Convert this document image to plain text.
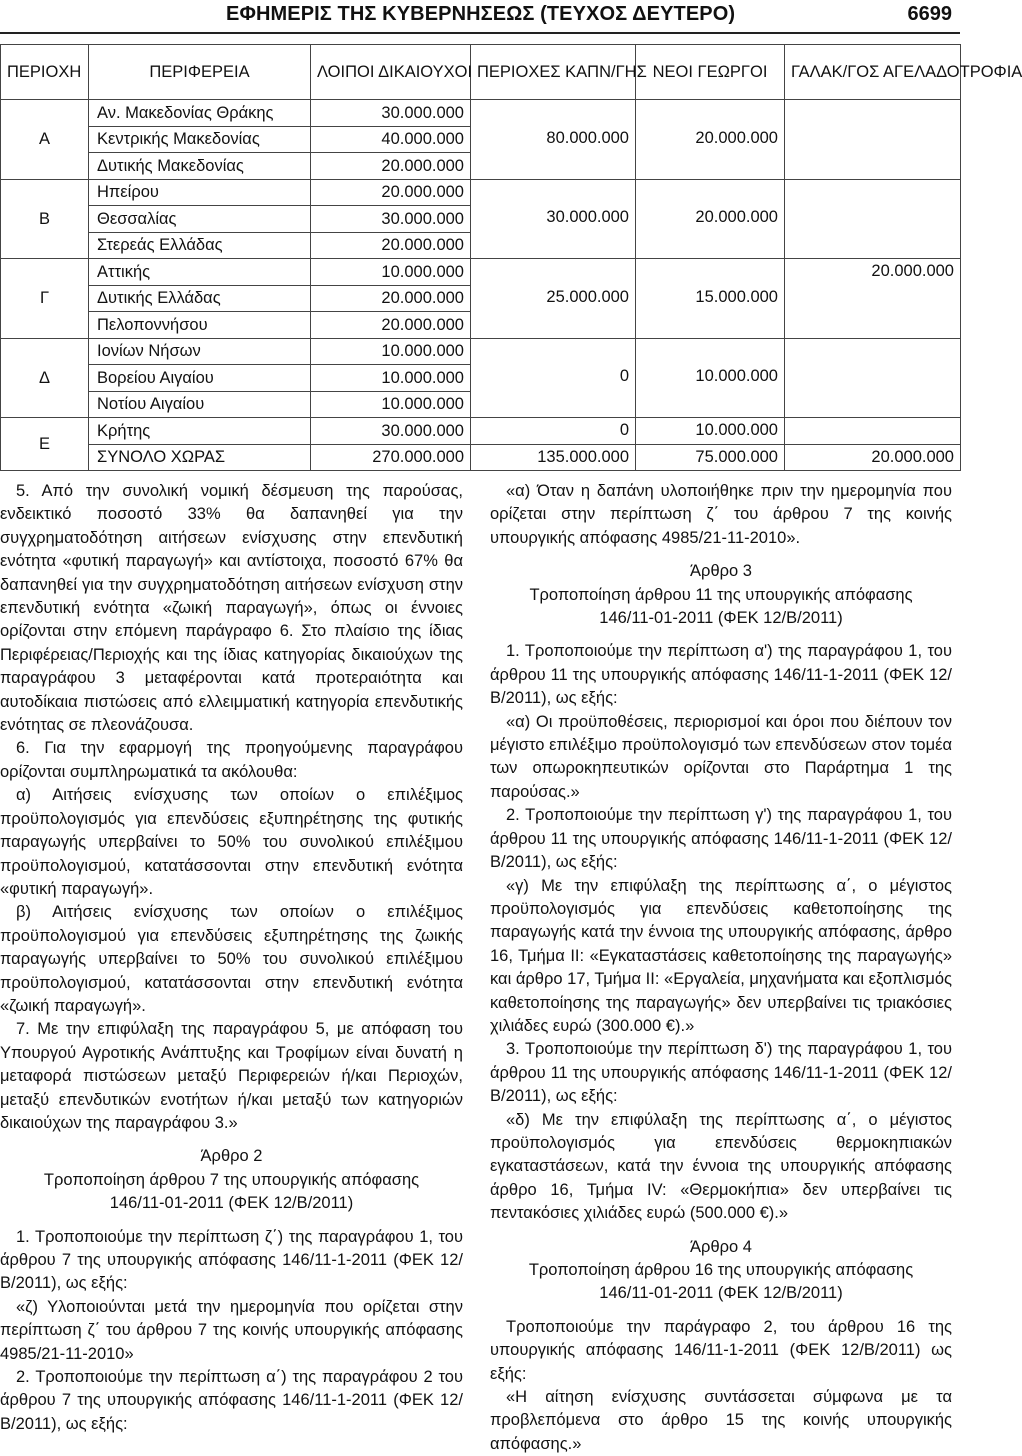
ΕΦΗΜΕΡΙΣ ΤΗΣ ΚΥΒΕΡΝΗΣΕΩΣ (ΤΕΥΧΟΣ ΔΕΥΤΕΡΟ)	6699
ΠΕΡΙΟΧΗ	ΠΕΡΙΦΕΡΕΙΑ	ΛΟΙΠΟΙ ΔΙΚΑΙΟΥΧΟΙ	ΠΕΡΙΟΧΕΣ ΚΑΠΝ/ΓΗΣ	ΝΕΟΙ ΓΕΩΡΓΟΙ	ΓΑΛΑΚ/ΓΟΣ ΑΓΕΛΑΔΟΤΡΟΦΙΑ
Α	Αν. Μακεδονίας Θράκης	30.000.000	80.000.000	20.000.000	

	Κεντρικής Μακεδονίας	40.000.000			
	Δυτικής Μακεδονίας	20.000.000			
Β	Ηπείρου	20.000.000	30.000.000	20.000.000	

	Θεσσαλίας	30.000.000			
	Στερεάς Ελλάδας	20.000.000			
Γ	Αττικής	10.000.000	25.000.000	15.000.000	20.000.000

	Δυτικής Ελλάδας	20.000.000			
	Πελοποννήσου	20.000.000			
Δ	Ιονίων Νήσων	10.000.000	0	10.000.000	

	Βορείου Αιγαίου	10.000.000			
	Νοτίου Αιγαίου	10.000.000			
Ε	Κρήτης	30.000.000	0	10.000.000	

	ΣΥΝΟΛΟ ΧΩΡΑΣ	270.000.000	135.000.000	75.000.000	20.000.000

5. Από την συνολική νομική δέσμευση της παρούσας, ενδεικτικό ποσοστό 33% θα δαπανηθεί για την συγχρηματοδότηση αιτήσεων ενίσχυσης στην επενδυτική ενότητα «φυτική παραγωγή» και αντίστοιχα, ποσοστό 67% θα δαπανηθεί για την συγχρηματοδότηση αιτήσεων ενίσχυση στην επενδυτική ενότητα «ζωική παραγωγή», όπως οι έννοιες ορίζονται στην επόμενη παράγραφο 6. Στο πλαίσιο της ίδιας Περιφέρειας/Περιοχής και της ίδιας κατηγορίας δικαιούχων της παραγράφου 3 μεταφέρονται κατά προτεραιότητα και αυτοδίκαια πιστώσεις από ελλειμματική κατηγορία επενδυτικής ενότητας σε πλεονάζουσα.

6. Για την εφαρμογή της προηγούμενης παραγράφου ορίζονται συμπληρωματικά τα ακόλουθα:

α) Αιτήσεις ενίσχυσης των οποίων ο επιλέξιμος προϋπολογισμός για επενδύσεις εξυπηρέτησης της φυτικής παραγωγής υπερβαίνει το 50% του συνολικού επιλέξιμου προϋπολογισμού, κατατάσσονται στην επενδυτική ενότητα «φυτική παραγωγή».

β) Αιτήσεις ενίσχυσης των οποίων ο επιλέξιμος προϋπολογισμού για επενδύσεις εξυπηρέτησης της ζωικής παραγωγής υπερβαίνει το 50% του συνολικού επιλέξιμου προϋπολογισμού, κατατάσσονται στην επενδυτική ενότητα «ζωική παραγωγή».

7. Με την επιφύλαξη της παραγράφου 5, με απόφαση του Υπουργού Αγροτικής Ανάπτυξης και Τροφίμων είναι δυνατή η μεταφορά πιστώσεων μεταξύ Περιφερειών ή/και Περιοχών, μεταξύ επενδυτικών ενοτήτων ή/και μεταξύ των κατηγοριών δικαιούχων της παραγράφου 3.»

Άρθρο 2

Τροποποίηση άρθρου 7 της υπουργικής απόφασης

146/11-01-2011 (ΦΕΚ 12/Β/2011)

1. Τροποποιούμε την περίπτωση ζ΄) της παραγράφου 1, του άρθρου 7 της υπουργικής απόφασης 146/11-1-2011 (ΦΕΚ 12/Β/2011), ως εξής:

«ζ) Υλοποιούνται μετά την ημερομηνία που ορίζεται στην περίπτωση ζ΄ του άρθρου 7 της κοινής υπουργικής απόφασης 4985/21-11-2010»

2. Τροποποιούμε την περίπτωση α΄) της παραγράφου 2 του άρθρου 7 της υπουργικής απόφασης 146/11-1-2011 (ΦΕΚ 12/Β/2011), ως εξής:

«α) Όταν η δαπάνη υλοποιήθηκε πριν την ημερομηνία που ορίζεται στην περίπτωση ζ΄ του άρθρου 7 της κοινής υπουργικής απόφασης 4985/21-11-2010».

Άρθρο 3

Τροποποίηση άρθρου 11 της υπουργικής απόφασης

146/11-01-2011 (ΦΕΚ 12/Β/2011)

1. Τροποποιούμε την περίπτωση α') της παραγράφου 1, του άρθρου 11 της υπουργικής απόφασης 146/11-1-2011 (ΦΕΚ 12/Β/2011), ως εξής:

«α) Οι προϋποθέσεις, περιορισμοί και όροι που διέπουν τον μέγιστο επιλέξιμο προϋπολογισμό των επενδύσεων στον τομέα των οπωροκηπευτικών ορίζονται στο Παράρτημα 1 της παρούσας.»

2. Τροποποιούμε την περίπτωση γ') της παραγράφου 1, του άρθρου 11 της υπουργικής απόφασης 146/11-1-2011 (ΦΕΚ 12/Β/2011), ως εξής:

«γ) Με την επιφύλαξη της περίπτωσης α΄, ο μέγιστος προϋπολογισμός για επενδύσεις καθετοποίησης της παραγωγής κατά την έννοια της υπουργικής απόφασης, άρθρο 16, Τμήμα ΙΙ: «Εγκαταστάσεις καθετοποίησης της παραγωγής» και άρθρο 17, Τμήμα ΙΙ: «Εργαλεία, μηχανήματα και εξοπλισμός καθετοποίησης της παραγωγής» δεν υπερβαίνει τις τριακόσιες χιλιάδες ευρώ (300.000 €).»

3. Τροποποιούμε την περίπτωση δ') της παραγράφου 1, του άρθρου 11 της υπουργικής απόφασης 146/11-1-2011 (ΦΕΚ 12/Β/2011), ως εξής:

«δ) Με την επιφύλαξη της περίπτωσης α΄, ο μέγιστος προϋπολογισμός για επενδύσεις θερμοκηπιακών εγκαταστάσεων, κατά την έννοια της υπουργικής απόφασης άρθρο 16, Τμήμα IV: «Θερμοκήπια» δεν υπερβαίνει τις πεντακόσιες χιλιάδες ευρώ (500.000 €).»

Άρθρο 4

Τροποποίηση άρθρου 16 της υπουργικής απόφασης

146/11-01-2011 (ΦΕΚ 12/Β/2011)

Τροποποιούμε την παράγραφο 2, του άρθρου 16 της υπουργικής απόφασης 146/11-1-2011 (ΦΕΚ 12/Β/2011) ως εξής:

«Η αίτηση ενίσχυσης συντάσσεται σύμφωνα με τα προβλεπόμενα στο άρθρο 15 της κοινής υπουργικής απόφασης.»
